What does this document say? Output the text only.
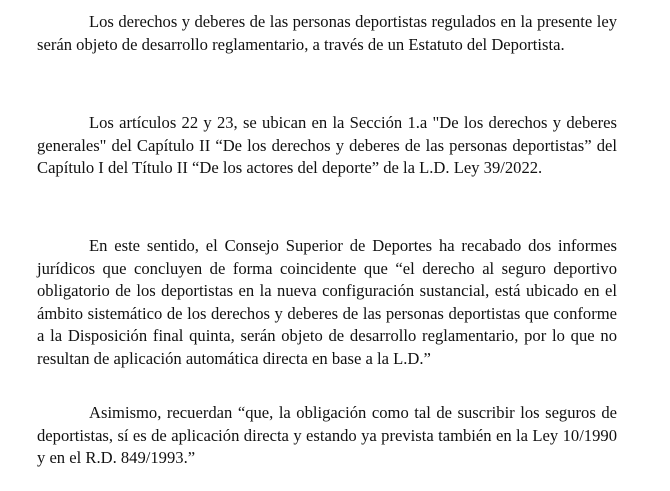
Los derechos y deberes de las personas deportistas regulados en la presente ley serán objeto de desarrollo reglamentario, a través de un Estatuto del Deportista.

Los artículos 22 y 23, se ubican en la Sección 1.a "De los derechos y deberes generales" del Capítulo II “De los derechos y deberes de las personas deportistas” del Capítulo I del Título II “De los actores del deporte” de la L.D. Ley 39/2022.

En este sentido, el Consejo Superior de Deportes ha recabado dos informes jurídicos que concluyen de forma coincidente que “el derecho al seguro deportivo obligatorio de los deportistas en la nueva configuración sustancial, está ubicado en el ámbito sistemático de los derechos y deberes de las personas deportistas que conforme a la Disposición final quinta, serán objeto de desarrollo reglamentario, por lo que no resultan de aplicación automática directa en base a la L.D.”

Asimismo, recuerdan “que, la obligación como tal de suscribir los seguros de deportistas, sí es de aplicación directa y estando ya prevista también en la Ley 10/1990 y en el R.D. 849/1993.”
